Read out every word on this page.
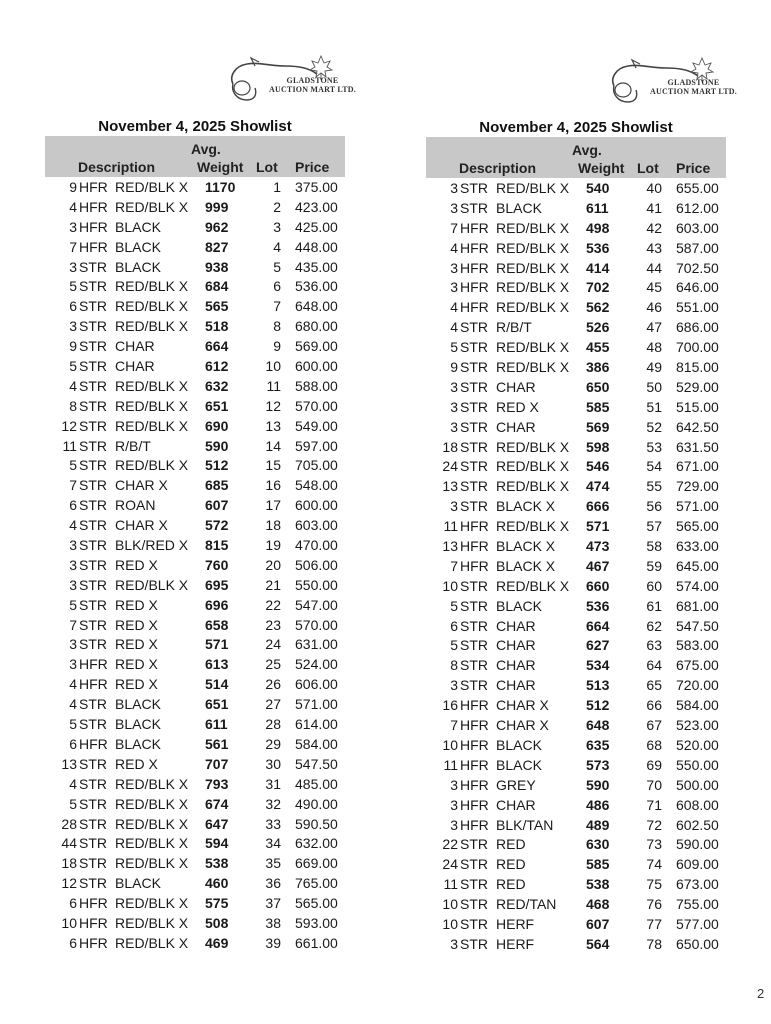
GLADSTONE
AUCTION MART LTD.
November 4, 2025 Showlist
Description
Avg.
Weight Lot Price
9 HFR RED/BLK X 1170	1 375.00
4 HFR RED/BLK X 999	2 423.00
3 HFR BLACK	962	3 425.00
7 HFR BLACK	827	4 448.00
3 STR BLACK	938	5 435.00
5 STR RED/BLK X 684	6 536.00
6 STR RED/BLK X 565	7 648.00
3 STR RED/BLK X 518	8 680.00
9 STR CHAR	664	9 569.00
5 STR CHAR	612	10 600.00
4 STR RED/BLK X 632	11 588.00
8 STR RED/BLK X 651	12 570.00
12 STR RED/BLK X 690	13 549.00
11 STR R/B/T	590	14 597.00
5 STR RED/BLK X 512	15 705.00
7 STR CHAR X	685	16 548.00
6 STR ROAN	607	17 600.00
4 STR CHAR X	572	18 603.00
3 STR BLK/RED X 815	19 470.00
3 STR RED X	760	20 506.00
3 STR RED/BLK X 695	21 550.00
5 STR RED X	696	22 547.00
7 STR RED X	658	23 570.00
3 STR RED X	571	24 631.00
3 HFR RED X	613	25 524.00
4 HFR RED X	514	26 606.00
4 STR BLACK	651	27 571.00
5 STR BLACK	611	28 614.00
6 HFR BLACK	561	29 584.00
13 STR RED X	707	30 547.50
4 STR RED/BLK X 793	31 485.00
5 STR RED/BLK X 674	32 490.00
28 STR RED/BLK X 647	33 590.50
44 STR RED/BLK X 594	34 632.00
18 STR RED/BLK X 538	35 669.00
12 STR BLACK	460	36 765.00
6 HFR RED/BLK X 575	37 565.00
10 HFR RED/BLK X 508	38 593.00
6 HFR RED/BLK X 469	39 661.00
GLADSTONE
AUCTION MART LTD.
November 4, 2025 Showlist
Description
Avg.
Weight Lot Price
3 STR RED/BLK X 540	40 655.00
3 STR BLACK	611	41 612.00
7 HFR RED/BLK X 498	42 603.00
4 HFR RED/BLK X 536	43 587.00
3 HFR RED/BLK X 414	44 702.50
3 HFR RED/BLK X 702	45 646.00
4 HFR RED/BLK X 562	46 551.00
4 STR R/B/T	526	47 686.00
5 STR RED/BLK X 455	48 700.00
9 STR RED/BLK X 386	49 815.00
3 STR CHAR	650	50 529.00
3 STR RED X	585	51 515.00
3 STR CHAR	569	52 642.50
18 STR RED/BLK X 598	53 631.50
24 STR RED/BLK X 546	54 671.00
13 STR RED/BLK X 474	55 729.00
3 STR BLACK X 666	56 571.00
11 HFR RED/BLK X 571	57 565.00
13 HFR BLACK X 473	58 633.00
7 HFR BLACK X 467	59 645.00
10 STR RED/BLK X 660	60 574.00
5 STR BLACK	536	61 681.00
6 STR CHAR	664	62 547.50
5 STR CHAR	627	63 583.00
8 STR CHAR	534	64 675.00
3 STR CHAR	513	65 720.00
16 HFR CHAR X	512	66 584.00
7 HFR CHAR X	648	67 523.00
10 HFR BLACK	635	68 520.00
11 HFR BLACK	573	69 550.00
3 HFR GREY	590	70 500.00
3 HFR CHAR	486	71 608.00
3 HFR BLK/TAN 489	72 602.50
22 STR RED	630	73 590.00
24 STR RED	585	74 609.00
11 STR RED	538	75 673.00
10 STR RED/TAN 468	76 755.00
10 STR HERF	607	77 577.00
3 STR HERF	564	78 650.00
2
